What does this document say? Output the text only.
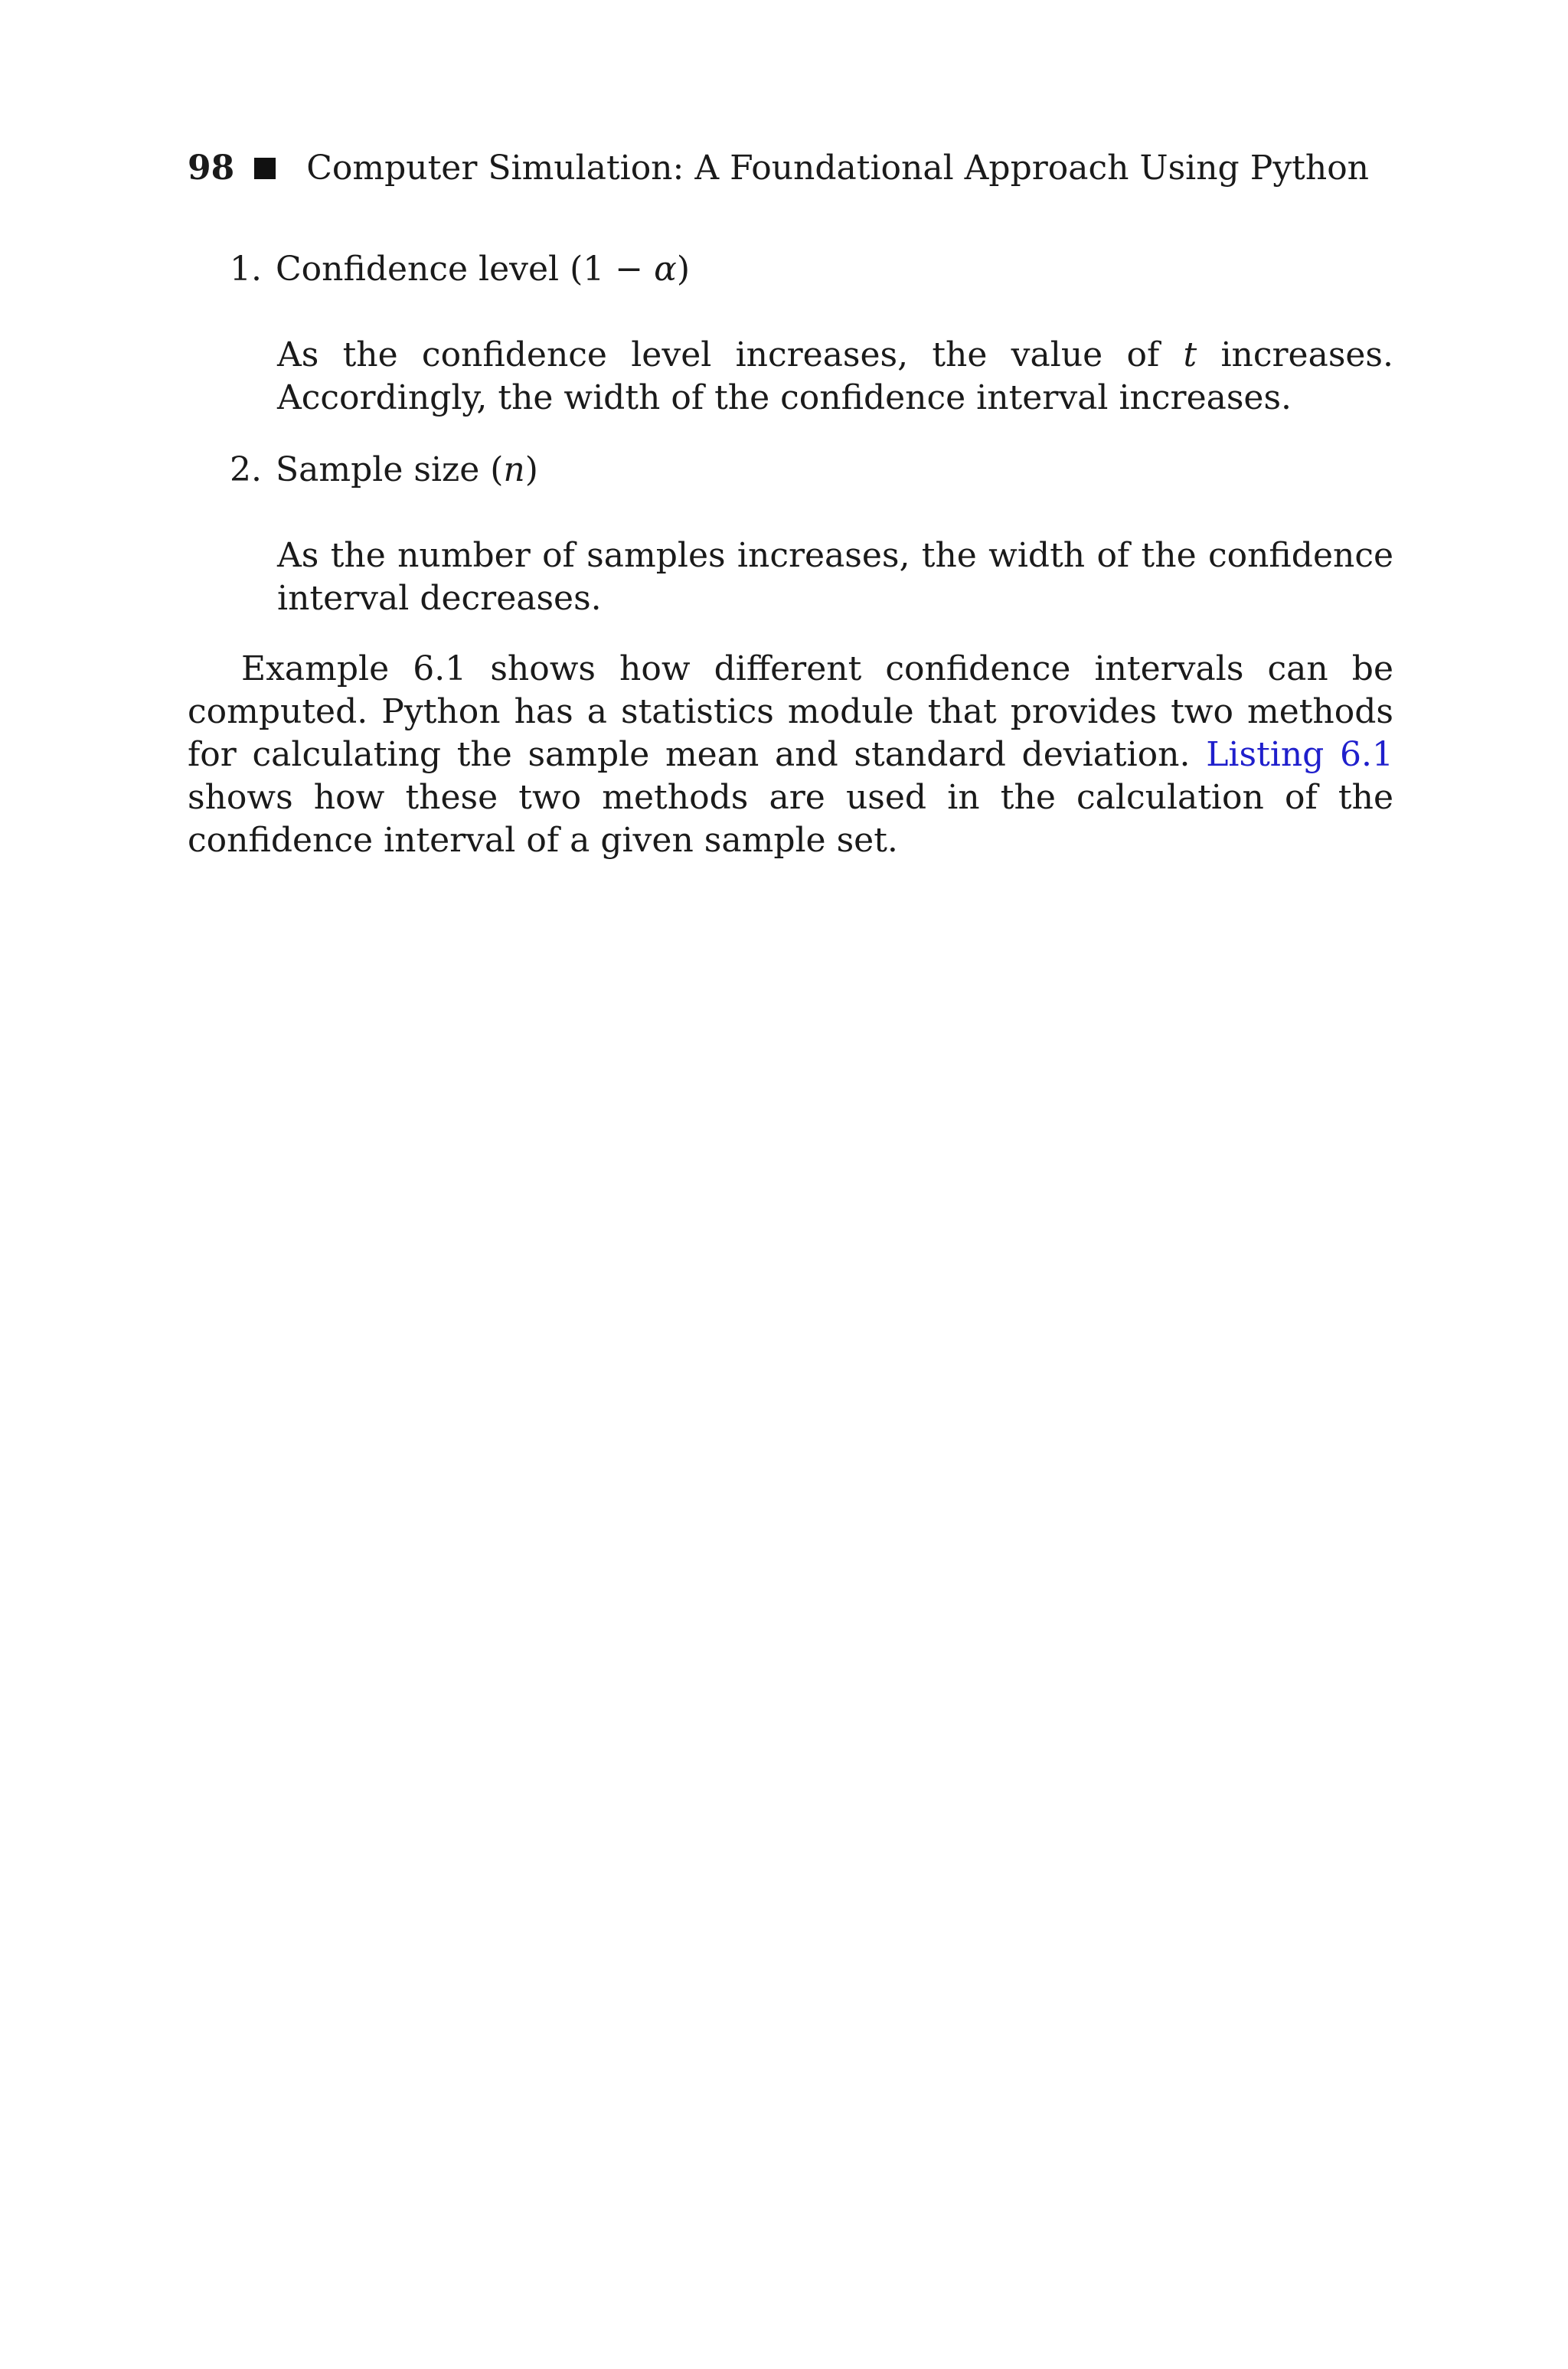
98 Computer Simulation: A Foundational Approach Using Python
1. Confidence level (1 − α)
As the confidence level increases, the value of t increases. Accordingly, the width of the confidence interval increases.
2. Sample size (n)
As the number of samples increases, the width of the confidence interval decreases.
Example 6.1 shows how different confidence intervals can be computed. Python has a statistics module that provides two methods for calculating the sample mean and standard deviation. Listing 6.1 shows how these two methods are used in the calculation of the confidence interval of a given sample set.
